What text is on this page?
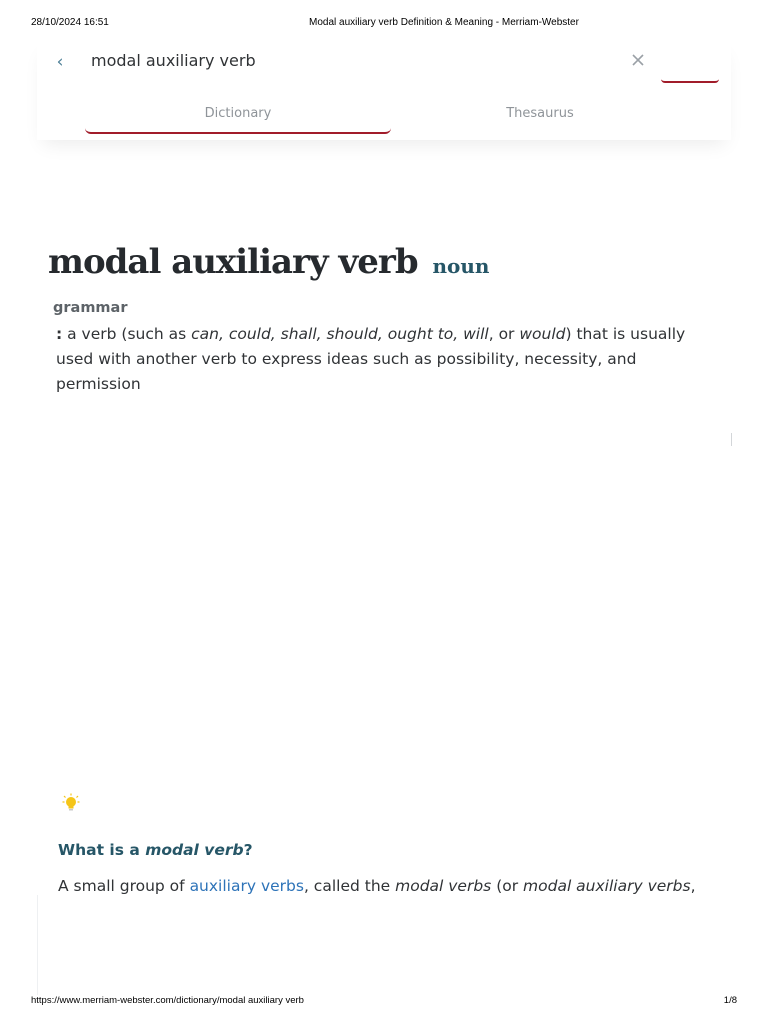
28/10/2024 16:51	Modal auxiliary verb Definition & Meaning - Merriam-Webster
‹
modal auxiliary verb
Dictionary	Thesaurus
modal auxiliary verb noun
grammar
: a verb (such as can, could, shall, should, ought to, will, or would) that is usually used with another verb to express ideas such as possibility, necessity, and permission
What is a modal verb?
A small group of auxiliary verbs, called the modal verbs (or modal auxiliary verbs,
https://www.merriam-webster.com/dictionary/modal auxiliary verb	1/8
